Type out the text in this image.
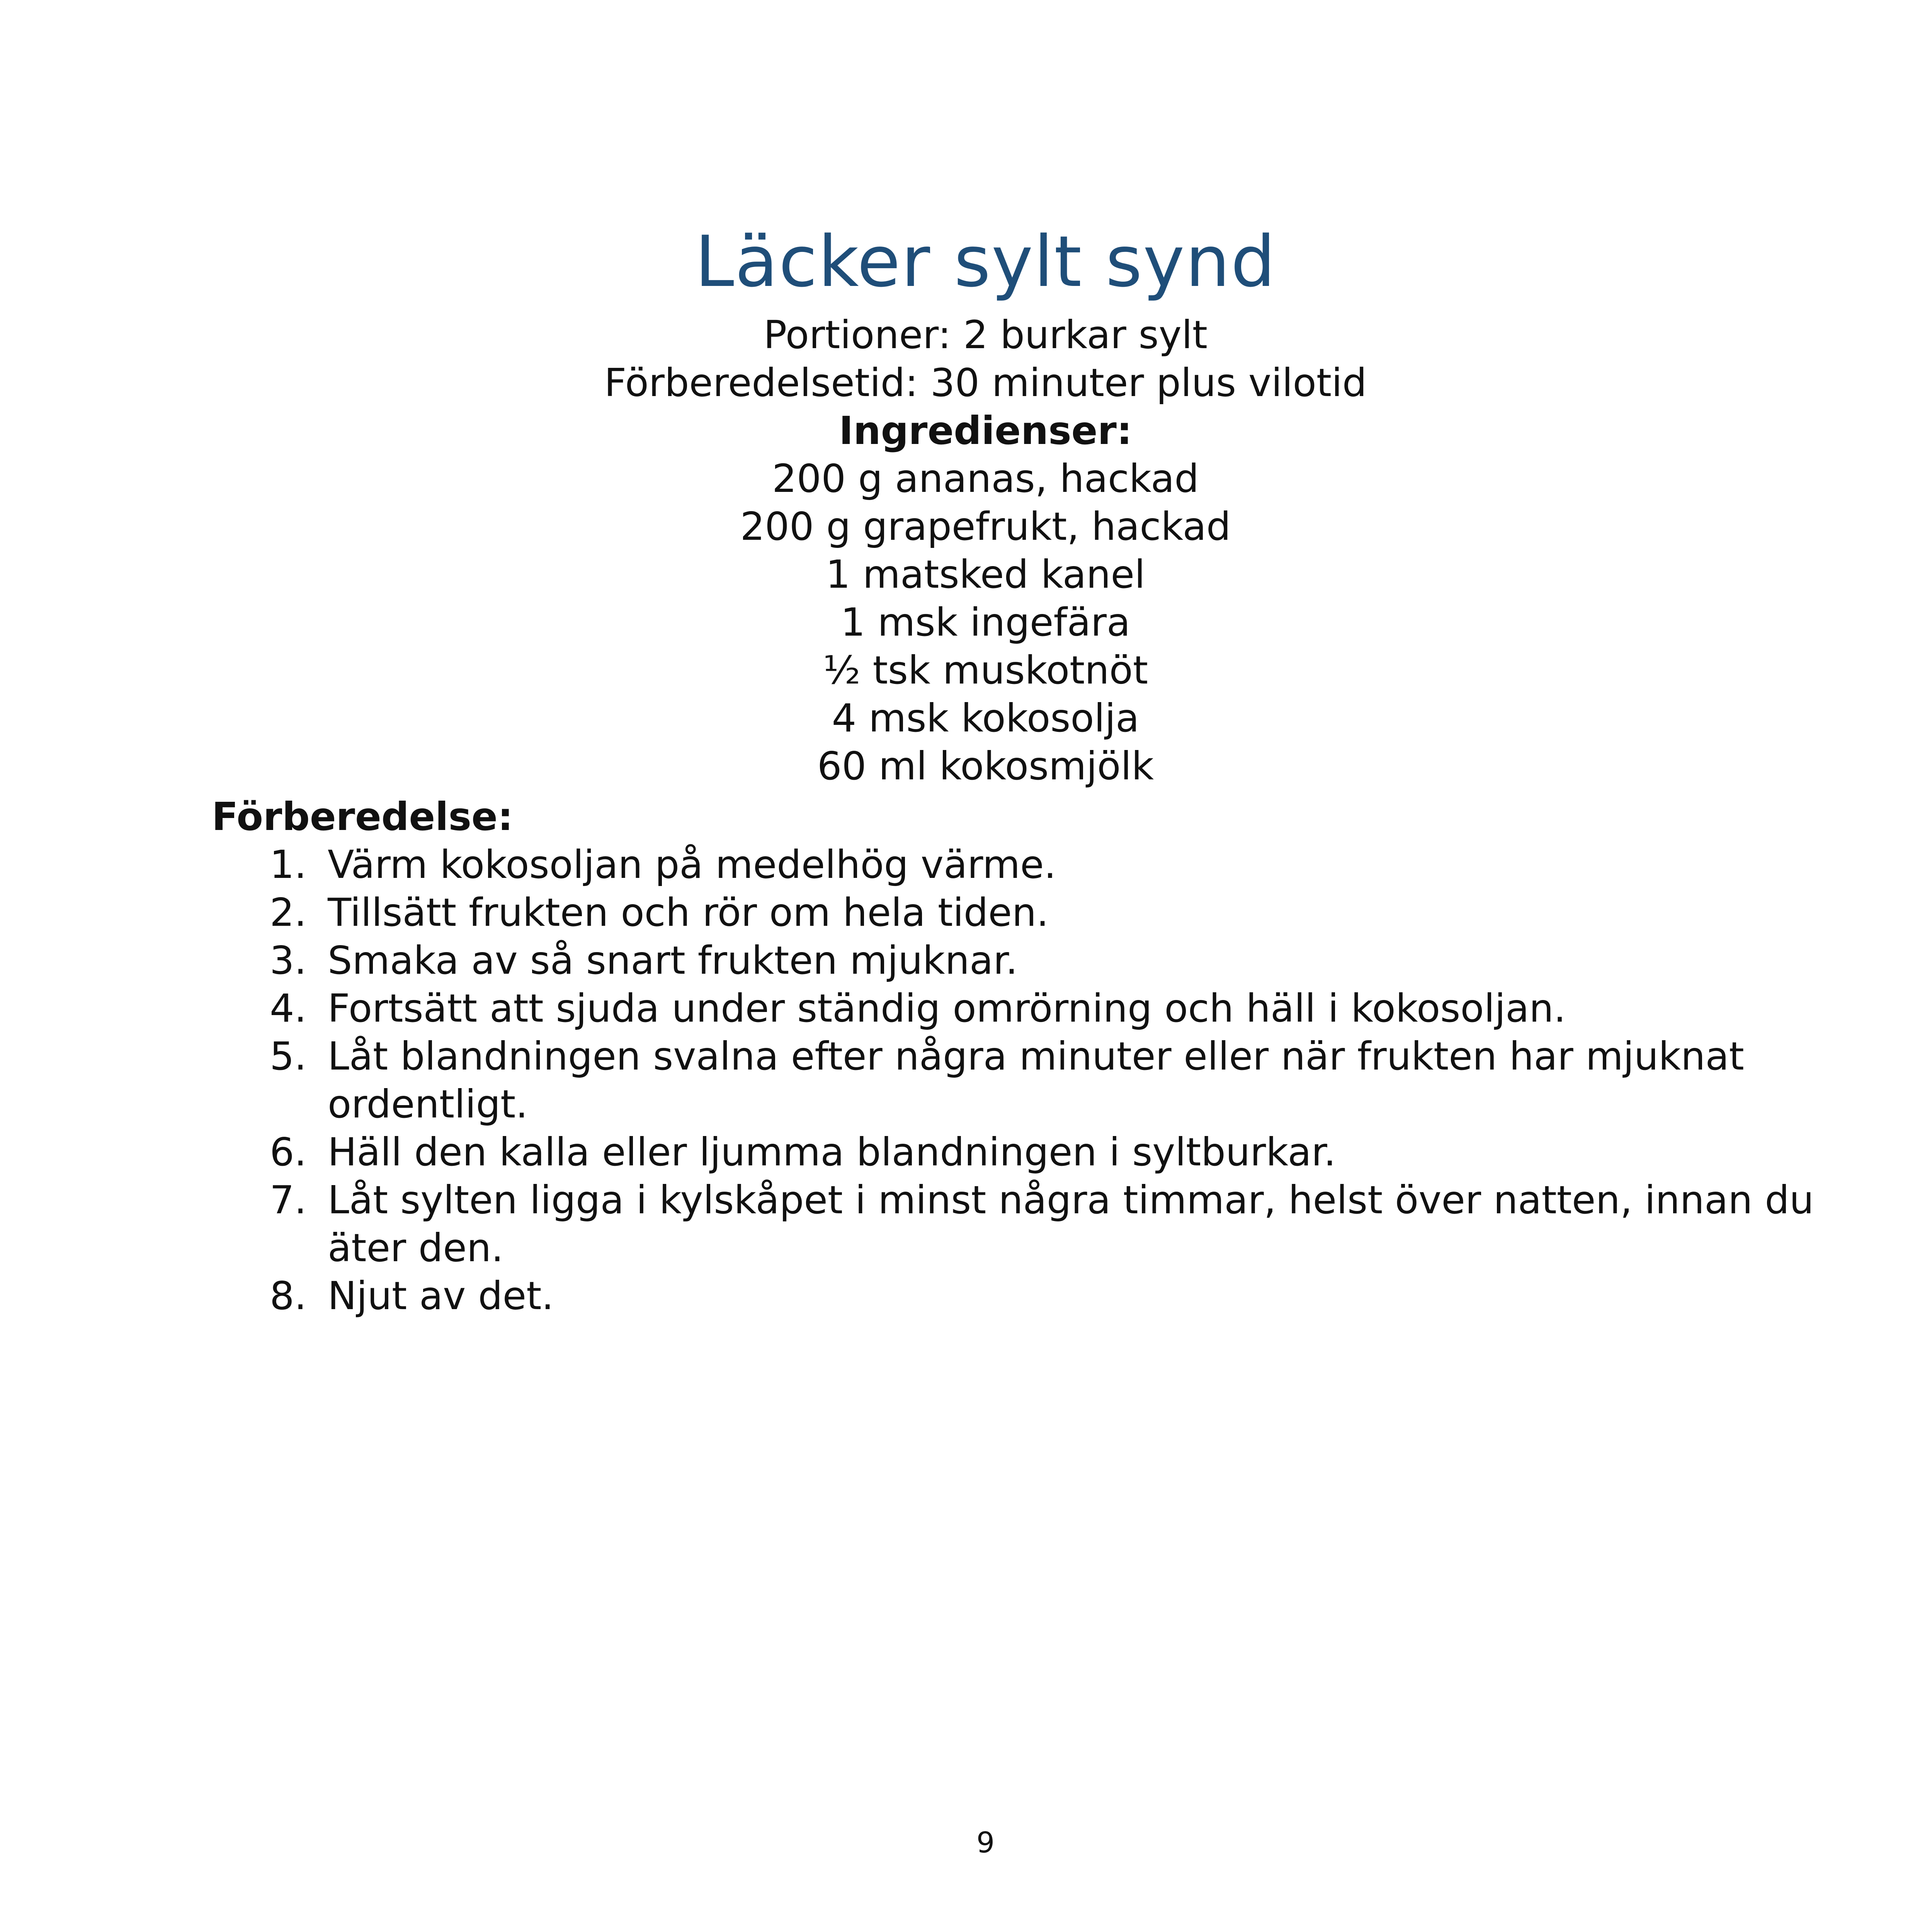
Läcker sylt synd
Portioner: 2 burkar sylt
Förberedelsetid: 30 minuter plus vilotid
Ingredienser:
200 g ananas, hackad
200 g grapefrukt, hackad
1 matsked kanel
1 msk ingefära
½ tsk muskotnöt
4 msk kokosolja
60 ml kokosmjölk
Förberedelse:
1. Värm kokosoljan på medelhög värme.
2. Tillsätt frukten och rör om hela tiden.
3. Smaka av så snart frukten mjuknar.
4. Fortsätt att sjuda under ständig omrörning och häll i kokosoljan.
5. Låt blandningen svalna efter några minuter eller när frukten har mjuknat ordentligt.
6. Häll den kalla eller ljumma blandningen i syltburkar.
7. Låt sylten ligga i kylskåpet i minst några timmar, helst över natten, innan du äter den.
8. Njut av det.
9
